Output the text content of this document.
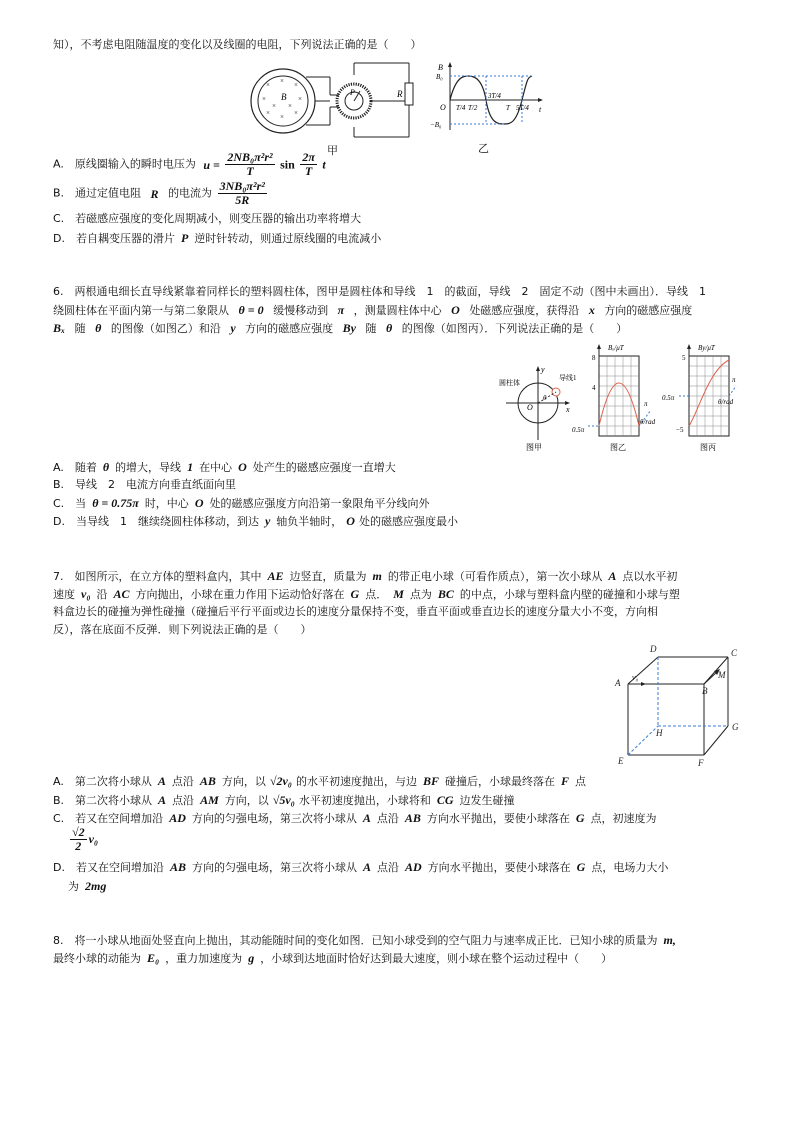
知），不考虑电阻随温度的变化以及线圈的电阻，下列说法正确的是（　　）
× × ×
×	×
× × ×
× ×
B	P	R
甲
B
B₀
−B₀
O	t
T/4 T/2
3T/4
T 5T/4
乙
A.　原线圈输入的瞬时电压为 $u = \frac{\text{2NB₀π²r²}}{T}$ $\sin \frac{2\pi}{T}$ t
B.　通过定值电阻 R 的电流为 $\frac{\text{3NB₀π²r²}}{5R}$
C.　若磁感应强度的变化周期减小，则变压器的输出功率将增大
D.　若自耦变压器的滑片 P 逆时针转动，则通过原线圈的电流减小
6.　两根通电细长直导线紧靠着同样长的塑料圆柱体，图甲是圆柱体和导线　1　的截面，导线　2　固定不动（图中未画出）．导线　1
绕圆柱体在平面内第一与第二象限从 θ = 0 缓慢移动到 π ，测量圆柱体中心 O 处磁感应强度，获得沿 x 方向的磁感应强度
Bₓ 随 θ 的图像（如图乙）和沿 y 方向的磁感应强度 By 随 θ 的图像（如图丙）．下列说法正确的是（　　）
圆柱体
导线1
y
x
O
θ
图甲
Bₓ/μT
8
4
π
θ/rad
0.5π
图乙
By/μT
5
0.5π
π
θ/rad
−5
图丙
A.　随着 θ 的增大，导线 1 在中心 O 处产生的磁感应强度一直增大
B.　导线　2　电流方向垂直纸面向里
C.　当 θ = 0.75π 时，中心 O 处的磁感应强度方向沿第一象限角平分线向外
D.　当导线　1　继续绕圆柱体移动，到达 y 轴负半轴时， O 处的磁感应强度最小
7.　如图所示，在立方体的塑料盒内，其中 AE 边竖直，质量为 m 的带正电小球（可看作质点），第一次小球从 A 点以水平初
速度 v₀ 沿 AC 方向抛出，小球在重力作用下运动恰好落在 G 点． M 点为 BC 的中点，小球与塑料盒内壁的碰撞和小球与塑
料盒边长的碰撞为弹性碰撞（碰撞后平行平面或边长的速度分量保持不变，垂直平面或垂直边长的速度分量大小不变，方向相
反），落在底面不反弹．则下列说法正确的是（　　）
A
B
C
D
E	F
G
H
M
v₀
A.　第二次将小球从 A 点沿 AB 方向，以 √2v₀ 的水平初速度抛出，与边 BF 碰撞后，小球最终落在 F 点
B.　第二次将小球从 A 点沿 AM 方向，以 √5v₀ 水平初速度抛出，小球将和 CG 边发生碰撞
C.　若又在空间增加沿 AD 方向的匀强电场，第三次将小球从 A 点沿 AB 方向水平抛出，要使小球落在 G 点，初速度为
$\frac{√2}{2} v_0$
D.　若又在空间增加沿 AB 方向的匀强电场，第三次将小球从 A 点沿 AD 方向水平抛出，要使小球落在 G 点，电场力大小
为 2mg
8.　将一小球从地面处竖直向上抛出，其动能随时间的变化如图．已知小球受到的空气阻力与速率成正比．已知小球的质量为 m,
最终小球的动能为 E₀ ，重力加速度为 g ，小球到达地面时恰好达到最大速度，则小球在整个运动过程中（　　）
